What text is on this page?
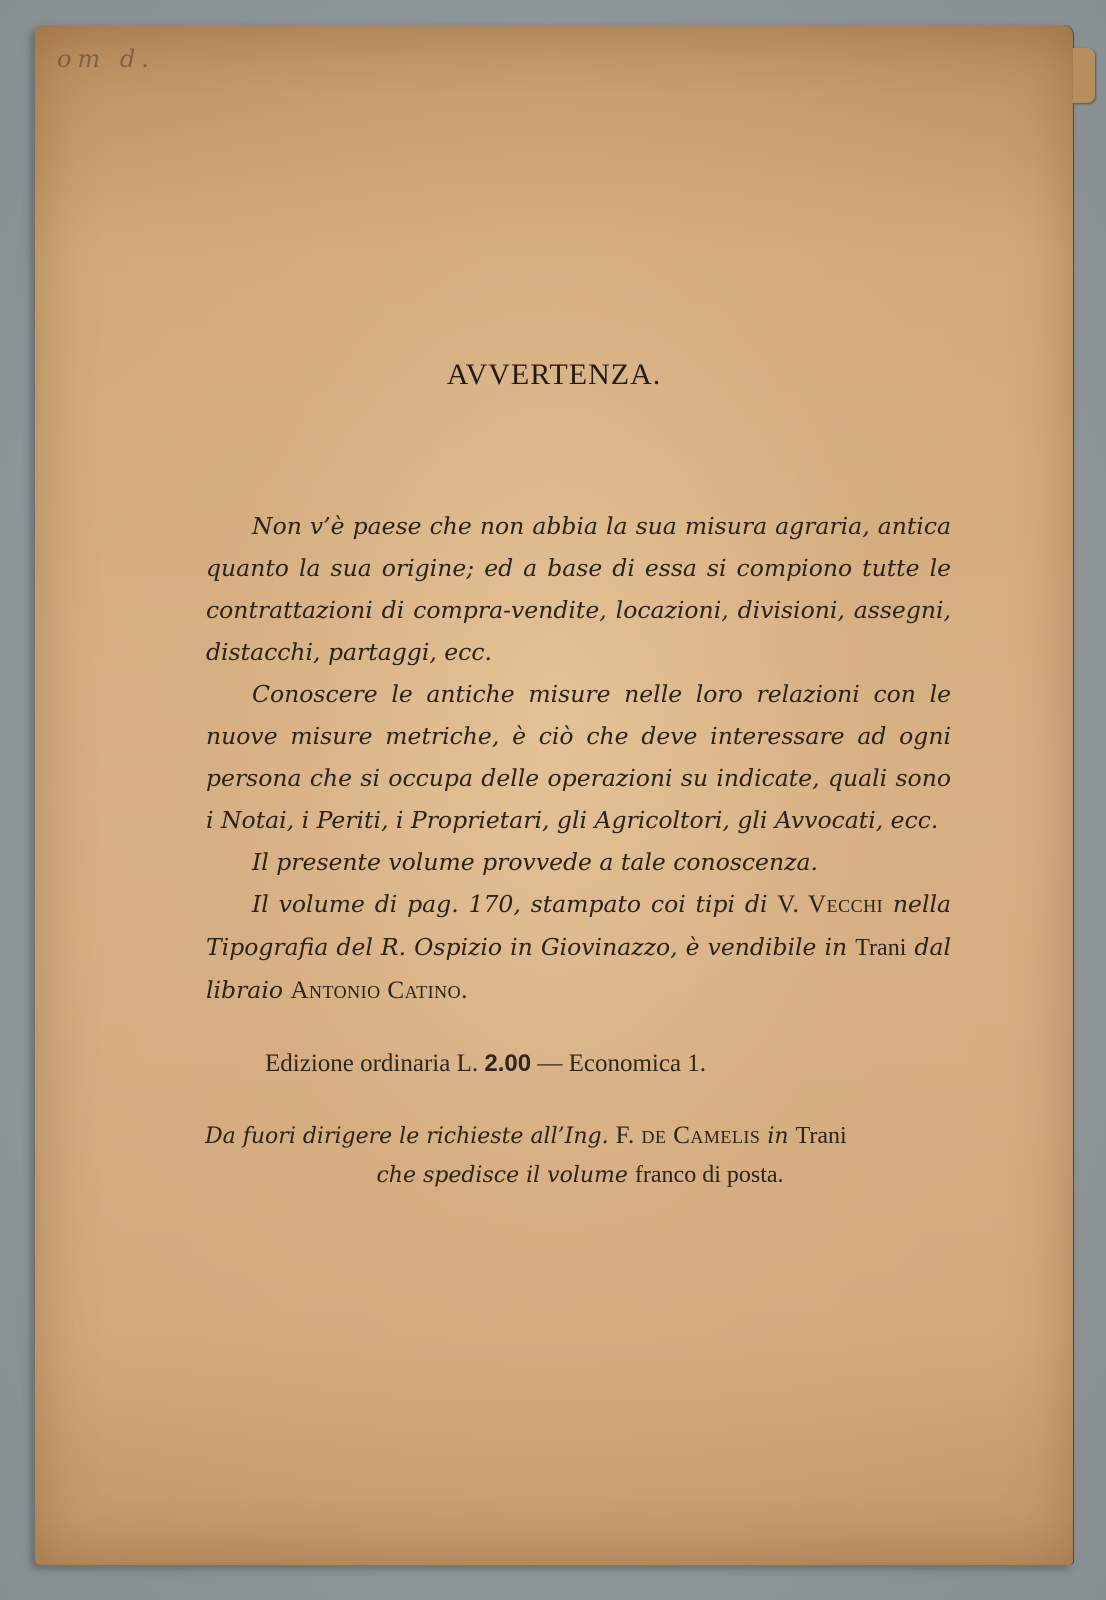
om d.
AVVERTENZA.

Non v’è paese che non abbia la sua misura agraria, antica quanto la sua origine; ed a base di essa si compiono tutte le contrattazioni di compra-vendite, locazioni, divisioni, assegni, distacchi, partaggi, ecc.

Conoscere le antiche misure nelle loro relazioni con le nuove misure metriche, è ciò che deve interessare ad ogni persona che si occupa delle operazioni su indicate, quali sono i Notai, i Periti, i Proprietari, gli Agricoltori, gli Avvocati, ecc.

Il presente volume provvede a tale conoscenza.

Il volume di pag. 170, stampato coi tipi di V. Vecchi nella Tipografia del R. Ospizio in Giovinazzo, è vendibile in Trani dal libraio Antonio Catino.

Edizione ordinaria L. 2.00 — Economica 1.
Da fuori dirigere le richieste all’Ing. F. de Camelis in Trani
che spedisce il volume franco di posta.
